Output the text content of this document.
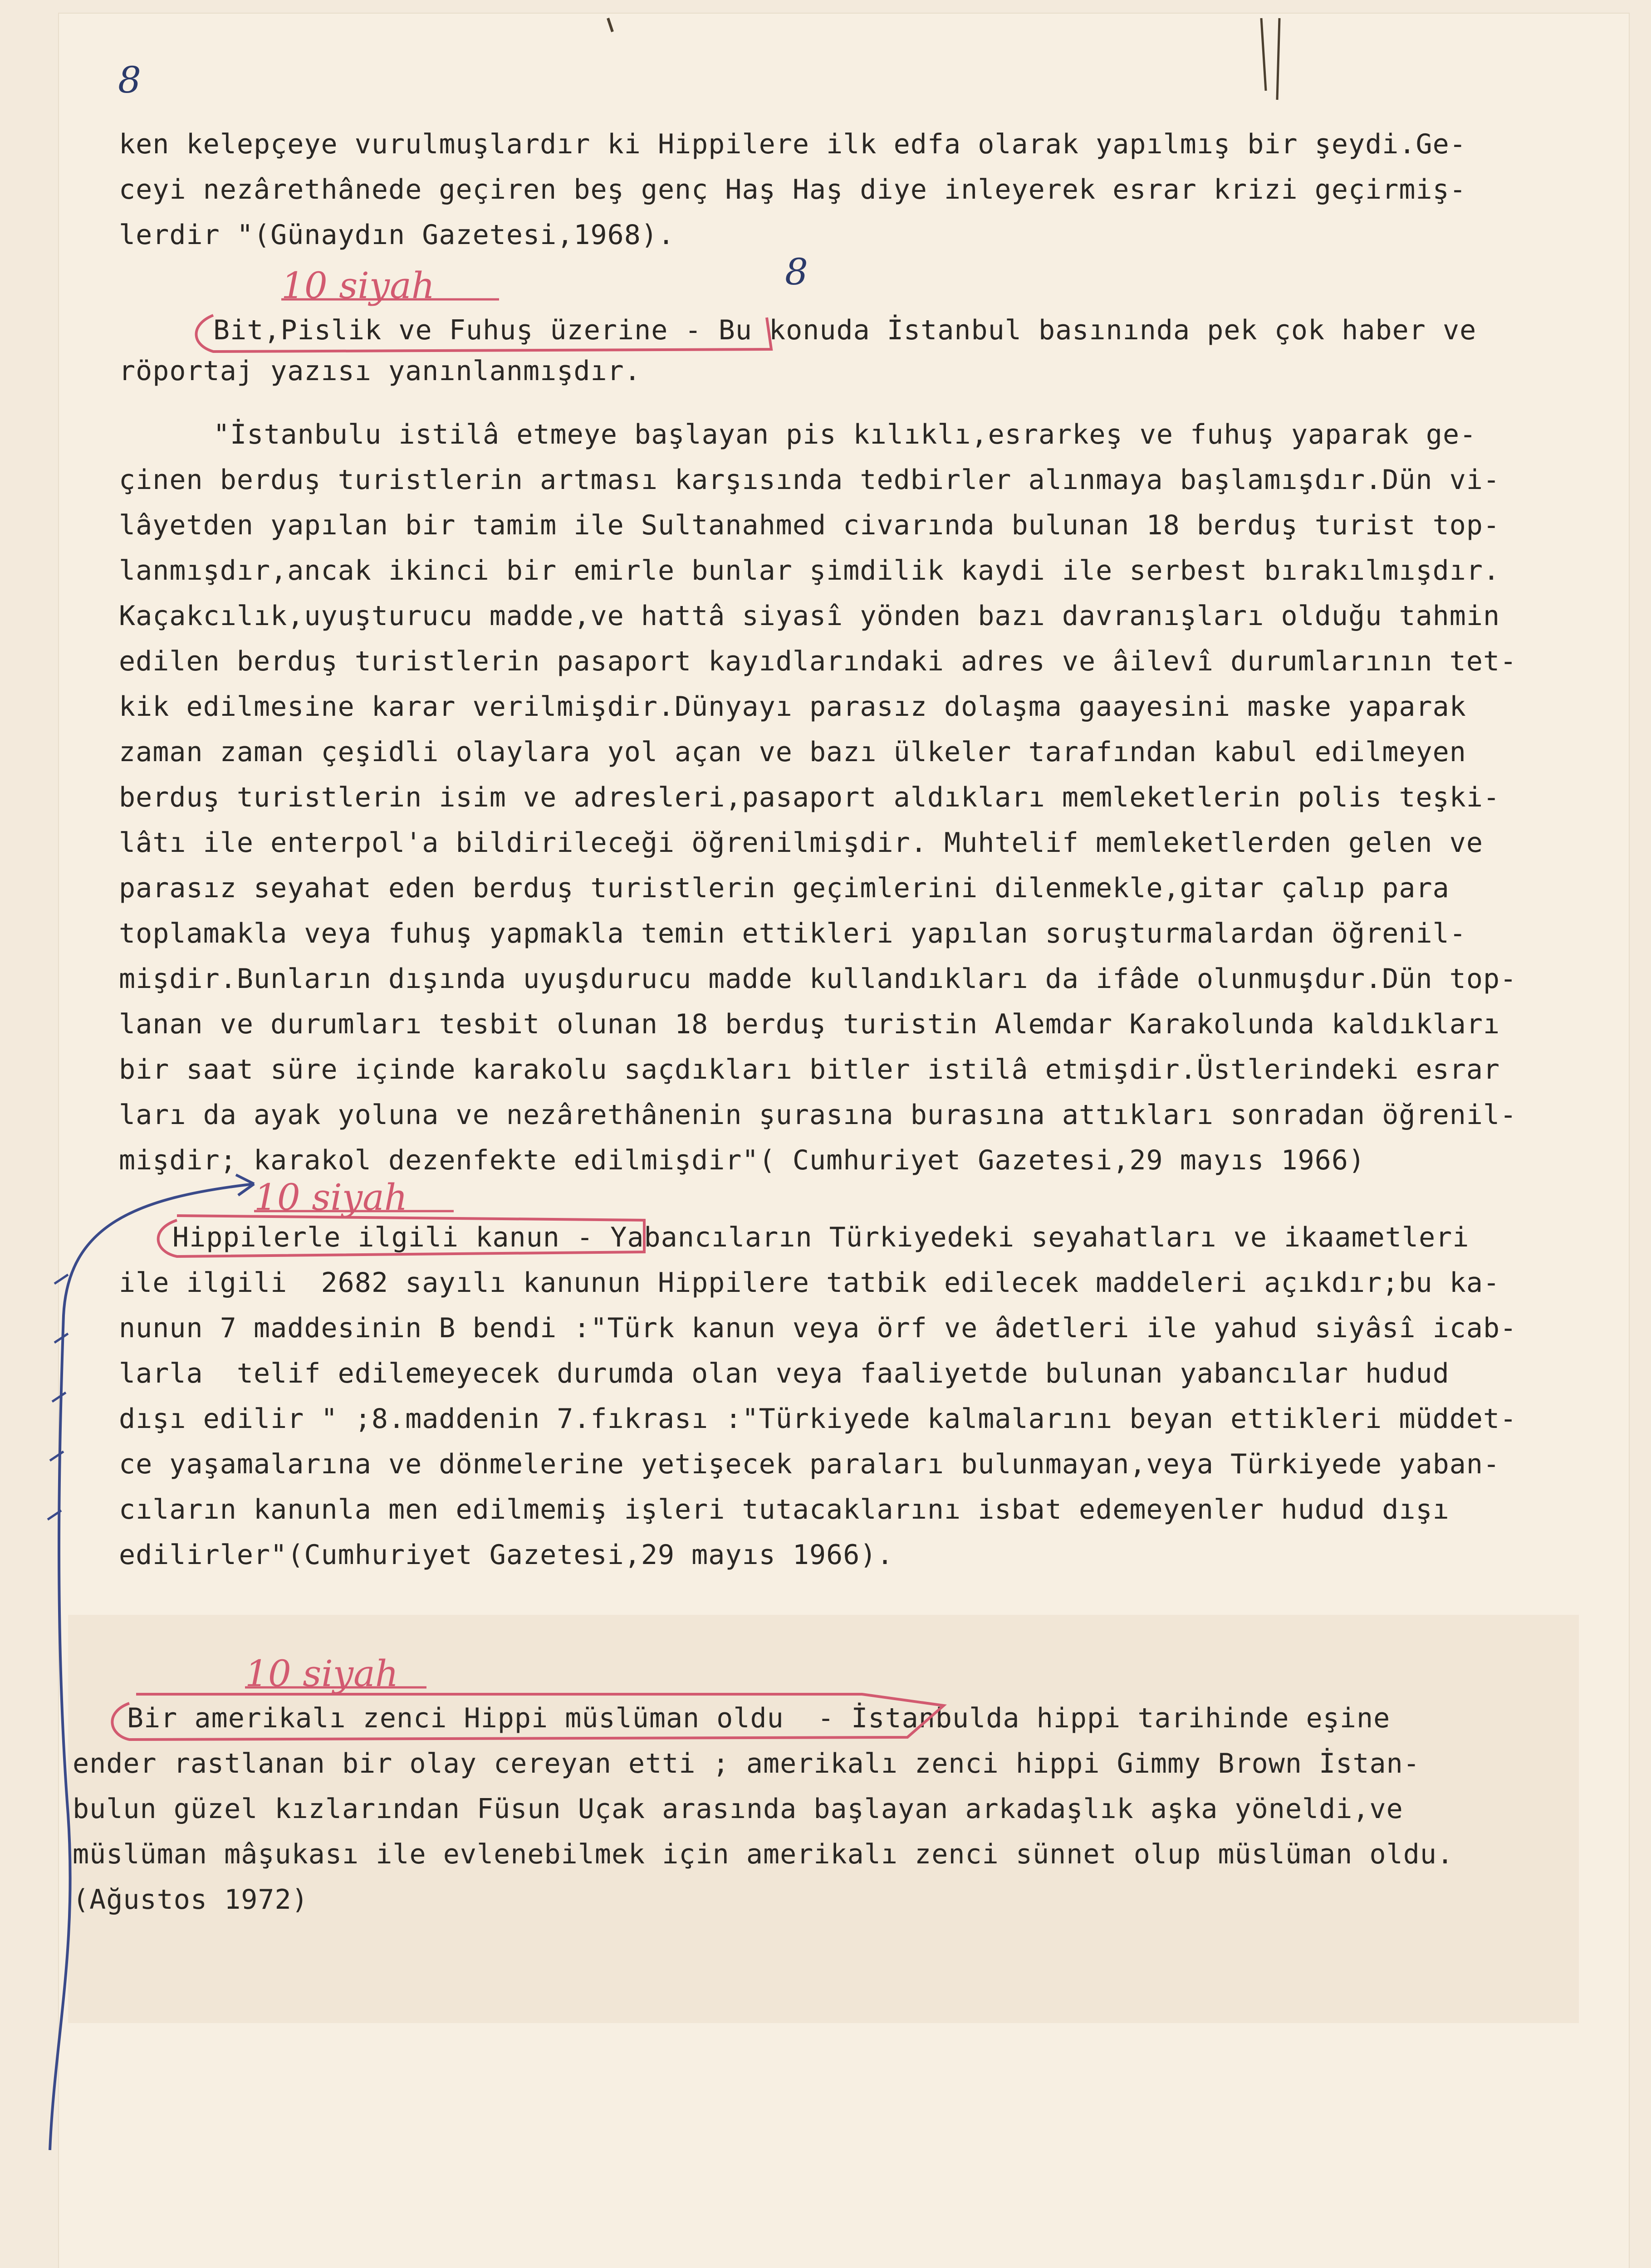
8

ken kelepçeye vurulmuşlardır ki Hippilere ilk edfa olarak yapılmış bir şeydi.Ge-

ceyi nezârethânede geçiren beş genç Haş Haş diye inleyerek esrar krizi geçirmiş-

lerdir "(Günaydın Gazetesi,1968).

10 siyah	8

Bit,Pislik ve Fuhuş üzerine - Bu konuda İstanbul basınında pek çok haber ve

röportaj yazısı yanınlanmışdır.

"İstanbulu istilâ etmeye başlayan pis kılıklı,esrarkeş ve fuhuş yaparak ge-

çinen berduş turistlerin artması karşısında tedbirler alınmaya başlamışdır.Dün vi-

lâyetden yapılan bir tamim ile Sultanahmed civarında bulunan 18 berduş turist top-

lanmışdır,ancak ikinci bir emirle bunlar şimdilik kaydi ile serbest bırakılmışdır.

Kaçakcılık,uyuşturucu madde,ve hattâ siyasî yönden bazı davranışları olduğu tahmin

edilen berduş turistlerin pasaport kayıdlarındaki adres ve âilevî durumlarının tet-

kik edilmesine karar verilmişdir.Dünyayı parasız dolaşma gaayesini maske yaparak

zaman zaman çeşidli olaylara yol açan ve bazı ülkeler tarafından kabul edilmeyen

berduş turistlerin isim ve adresleri,pasaport aldıkları memleketlerin polis teşki-

lâtı ile enterpol'a bildirileceği öğrenilmişdir. Muhtelif memleketlerden gelen ve

parasız seyahat eden berduş turistlerin geçimlerini dilenmekle,gitar çalıp para

toplamakla veya fuhuş yapmakla temin ettikleri yapılan soruşturmalardan öğrenil-

mişdir.Bunların dışında uyuşdurucu madde kullandıkları da ifâde olunmuşdur.Dün top-

lanan ve durumları tesbit olunan 18 berduş turistin Alemdar Karakolunda kaldıkları

bir saat süre içinde karakolu saçdıkları bitler istilâ etmişdir.Üstlerindeki esrar

ları da ayak yoluna ve nezârethânenin şurasına burasına attıkları sonradan öğrenil-

mişdir; karakol dezenfekte edilmişdir"( Cumhuriyet Gazetesi,29 mayıs 1966)

10 siyah

Hippilerle ilgili kanun - Yabancıların Türkiyedeki seyahatları ve ikaametleri

ile ilgili  2682 sayılı kanunun Hippilere tatbik edilecek maddeleri açıkdır;bu ka-

nunun 7 maddesinin B bendi :"Türk kanun veya örf ve âdetleri ile yahud siyâsî icab-

larla  telif edilemeyecek durumda olan veya faaliyetde bulunan yabancılar hudud

dışı edilir " ;8.maddenin 7.fıkrası :"Türkiyede kalmalarını beyan ettikleri müddet-

ce yaşamalarına ve dönmelerine yetişecek paraları bulunmayan,veya Türkiyede yaban-

cıların kanunla men edilmemiş işleri tutacaklarını isbat edemeyenler hudud dışı

edilirler"(Cumhuriyet Gazetesi,29 mayıs 1966).

10 siyah

Bir amerikalı zenci Hippi müslüman oldu  - İstanbulda hippi tarihinde eşine

ender rastlanan bir olay cereyan etti ; amerikalı zenci hippi Gimmy Brown İstan-

bulun güzel kızlarından Füsun Uçak arasında başlayan arkadaşlık aşka yöneldi,ve

müslüman mâşukası ile evlenebilmek için amerikalı zenci sünnet olup müslüman oldu.

(Ağustos 1972)
